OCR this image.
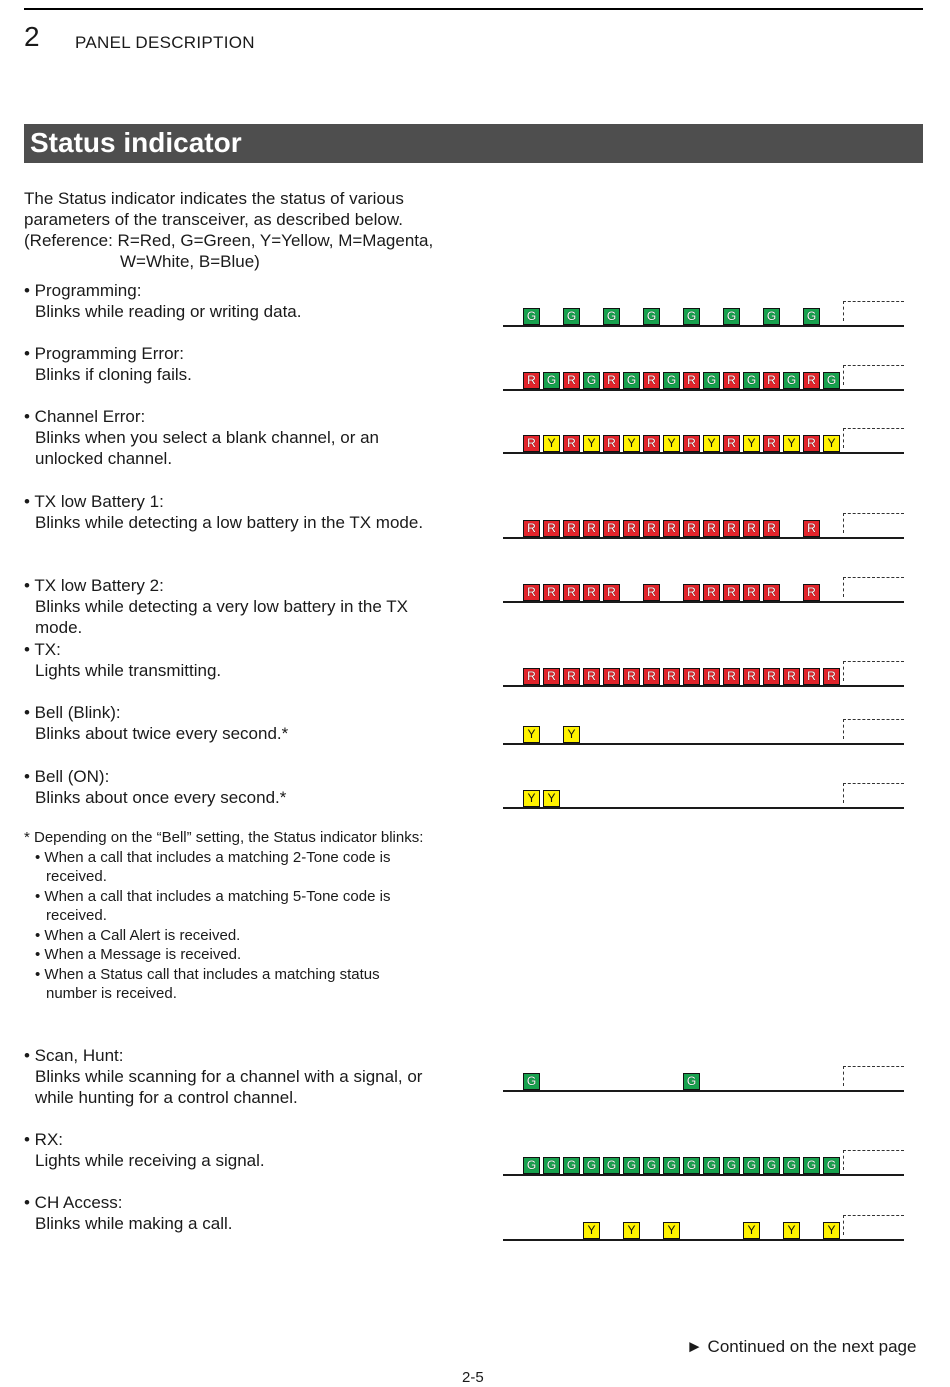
2 PANEL DESCRIPTION
Status indicator
The Status indicator indicates the status of various
parameters of the transceiver, as described below.
(Reference: R=Red, G=Green, Y=Yellow, M=Magenta,
W=White, B=Blue)
• Programming:
Blinks while reading or writing data.
• Programming Error:
Blinks if cloning fails.
• Channel Error:
Blinks when you select a blank channel, or an
unlocked channel.
• TX low Battery 1:
Blinks while detecting a low battery in the TX mode.
• TX low Battery 2:
Blinks while detecting a very low battery in the TX
mode.
• TX:
Lights while transmitting.
• Bell (Blink):
Blinks about twice every second.*
• Bell (ON):
Blinks about once every second.*
* Depending on the “Bell” setting, the Status indicator blinks:
• When a call that includes a matching 2-Tone code is
received.
• When a call that includes a matching 5-Tone code is
received.
• When a Call Alert is received.
• When a Message is received.
• When a Status call that includes a matching status
number is received.
• Scan, Hunt:
Blinks while scanning for a channel with a signal, or
while hunting for a control channel.
• RX:
Lights while receiving a signal.
• CH Access:
Blinks while making a call.
G	G	G	G	G	G	G	G
R G R G R G R G R G R G R G R G
R Y R Y R Y R Y R Y R Y R Y R Y
R R R R R R R R R R R R R	R
R R R R R	R	R R R R R	R
R R R R R R R R R R R R R R R R
Y	Y
Y Y
G	G
G G G G G G G G G G G G G G G G
Y	Y	Y	Y	Y	Y
► Continued on the next page
2-5
